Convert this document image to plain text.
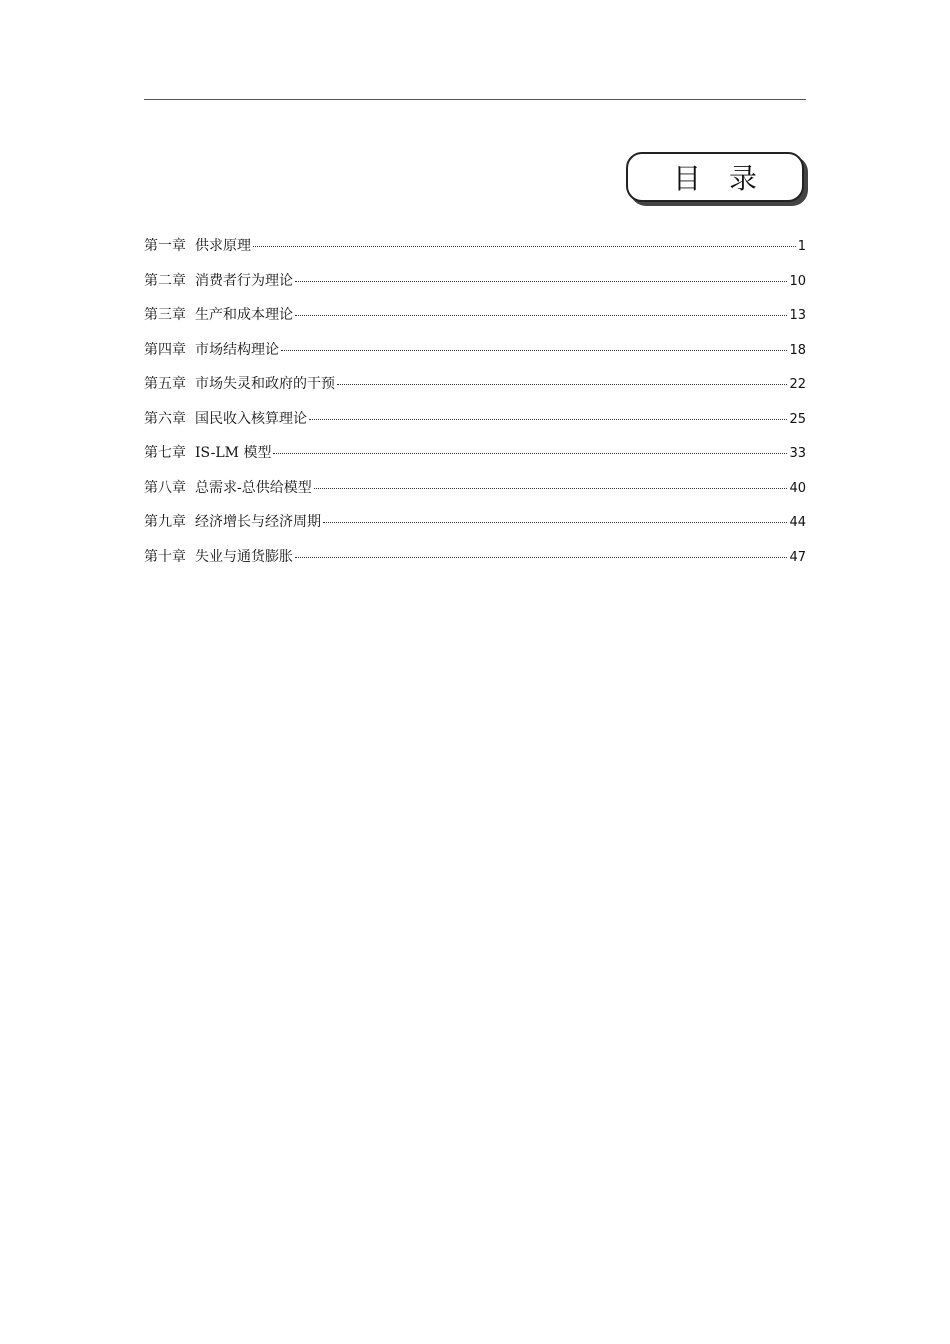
目录
第一章 供求原理	1
第二章 消费者行为理论	10
第三章 生产和成本理论	13
第四章 市场结构理论	18
第五章 市场失灵和政府的干预	22
第六章 国民收入核算理论	25
第七章 IS-LM 模型	33
第八章 总需求-总供给模型	40
第九章 经济增长与经济周期	44
第十章 失业与通货膨胀	47
